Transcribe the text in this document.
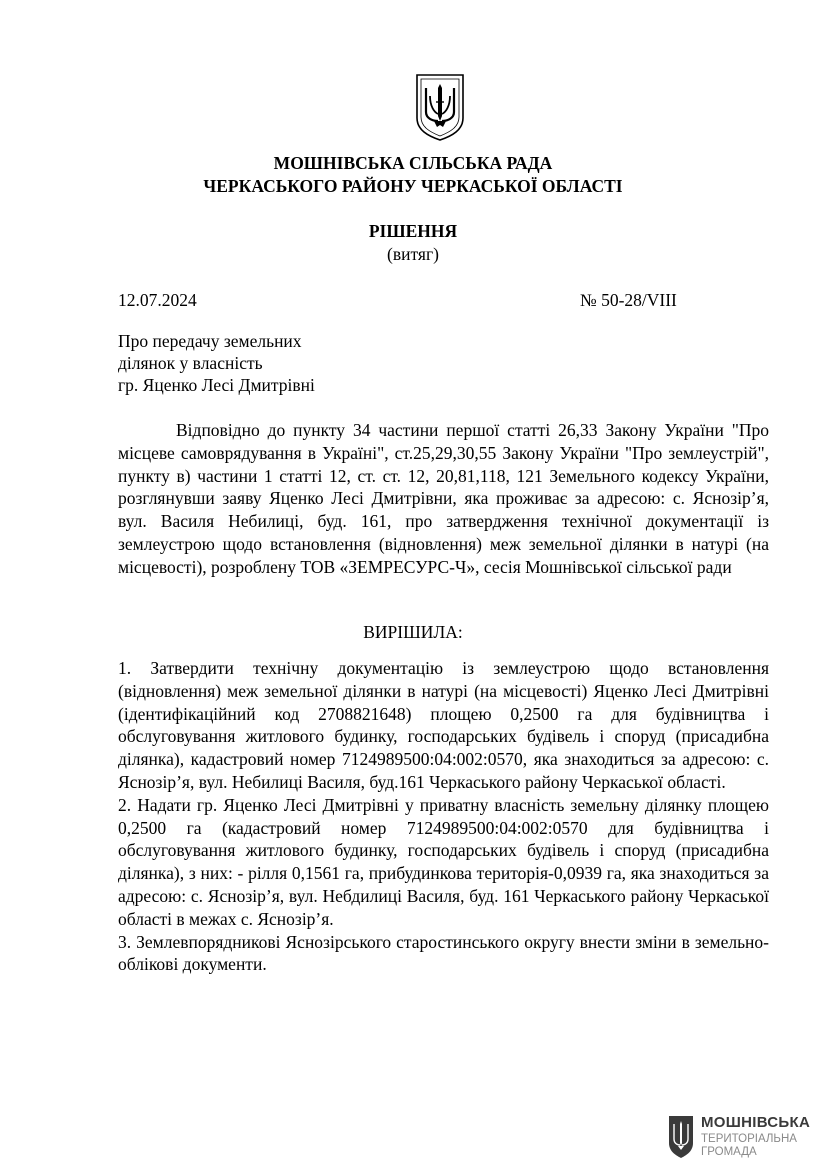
МОШНІВСЬКА СІЛЬСЬКА РАДА
ЧЕРКАСЬКОГО РАЙОНУ ЧЕРКАСЬКОЇ ОБЛАСТІ
РІШЕННЯ
(витяг)
12.07.2024	№ 50-28/VIII
Про передачу земельних
ділянок у власність
гр. Яценко Лесі Дмитрівні

Відповідно до пункту 34 частини першої статті 26,33 Закону України "Про місцеве самоврядування в Україні", ст.25,29,30,55 Закону України "Про землеустрій", пункту в) частини 1 статті 12, ст. ст. 12, 20,81,118, 121 Земельного кодексу України, розглянувши заяву Яценко Лесі Дмитрівни, яка проживає за адресою: с. Яснозір’я, вул. Василя Небилиці, буд. 161, про затвердження технічної документації із землеустрою щодо встановлення (відновлення) меж земельної ділянки в натурі (на місцевості), розроблену ТОВ «ЗЕМРЕСУРС-Ч», сесія Мошнівської сільської ради

ВИРІШИЛА:

1. Затвердити технічну документацію із землеустрою щодо встановлення (відновлення) меж земельної ділянки в натурі (на місцевості) Яценко Лесі Дмитрівні (ідентифікаційний код 2708821648) площею 0,2500 га для будівництва і обслуговування житлового будинку, господарських будівель і споруд (присадибна ділянка), кадастровий номер 7124989500:04:002:0570, яка знаходиться за адресою: с. Яснозір’я, вул. Небилиці Василя, буд.161 Черкаського району Черкаської області.

2. Надати гр. Яценко Лесі Дмитрівні у приватну власність земельну ділянку площею 0,2500 га (кадастровий номер 7124989500:04:002:0570 для будівництва і обслуговування житлового будинку, господарських будівель і споруд (присадибна ділянка), з них: - рілля 0,1561 га, прибудинкова територія-0,0939 га, яка знаходиться за адресою: с. Яснозір’я, вул. Небдилиці Василя, буд. 161 Черкаського району Черкаської області в межах с. Яснозір’я.

3. Землевпорядникові Яснозірського старостинського округу внести зміни в земельно-облікові документи.

МОШНІВСЬКА
ТЕРИТОРІАЛЬНА
ГРОМАДА
